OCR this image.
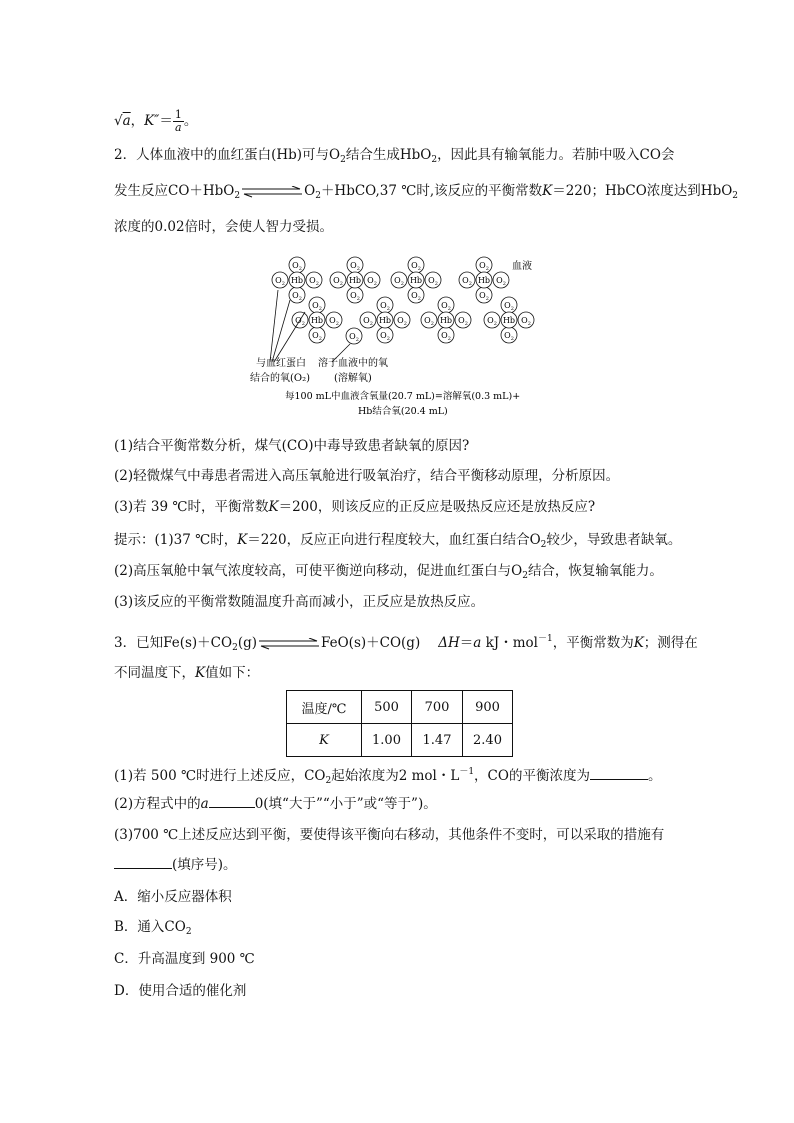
√a，$K''= \frac{1}{a}$ 。
2．人体血液中的血红蛋白(Hb)可与$O_2$结合生成HbO$_2$，因此具有输氧能力。若肺中吸入CO会
发生反应CO＋HbO$_2$	$O_2+HbCO,37$ ℃时,该反应的平衡常数K＝220；HbCO浓度达到HbO$_2$
浓度的0.02倍时，会使人智力受损。
$O_2$
$O_2$	$O_2$
$O_2$
Hb
$O_2$
$O_2$	$O_2$
$O_2$
Hb
$O_2$
$O_2$	$O_2$
$O_2$
Hb
$O_2$
$O_2$	$O_2$
$O_2$
Hb
$O_2$
$O_2$	$O_2$
$O_2$
Hb
$O_2$
$O_2$	$O_2$
$O_2$
Hb
$O_2$
$O_2$	$O_2$
$O_2$
Hb
$O_2$
$O_2$	$O_2$
$O_2$
Hb
$O_2$
血液
与血红蛋白
结合的氧(O₂)
溶于血液中的氧
(溶解氧)
每100 mL中血液含氧量(20.7 mL)=溶解氧(0.3 mL)+
Hb结合氧(20.4 mL)
(1)结合平衡常数分析，煤气(CO)中毒导致患者缺氧的原因?
(2)轻微煤气中毒患者需进入高压氧舱进行吸氧治疗，结合平衡移动原理，分析原因。
(3)若 39 ℃时，平衡常数K＝200，则该反应的正反应是吸热反应还是放热反应?
提示：(1)37 ℃时，K＝220，反应正向进行程度较大，血红蛋白结合$O_2$较少，导致患者缺氧。
(2)高压氧舱中氧气浓度较高，可使平衡逆向移动，促进血红蛋白与$O_2$结合，恢复输氧能力。
(3)该反应的平衡常数随温度升高而减小，正反应是放热反应。
3．已知$Fe(s)+CO_2(g)$	FeO(s)＋CO(g) ΔH＝a kJ・mol$^{-1}$，平衡常数为K；测得在
不同温度下，K值如下：
温度/℃	500	700	900
K	1.00	1.47	2.40
(1)若 500 ℃时进行上述反应，$CO_2$起始浓度为2 mol・$L^{-1}$，CO的平衡浓度为	。
(2)方程式中的a	0(填“大于”“小于”或“等于”)。
(3)700 ℃上述反应达到平衡，要使得该平衡向右移动，其他条件不变时，可以采取的措施有
(填序号)。
A．缩小反应器体积
B．通入$CO_2$
C．升高温度到 900 ℃
D．使用合适的催化剂
